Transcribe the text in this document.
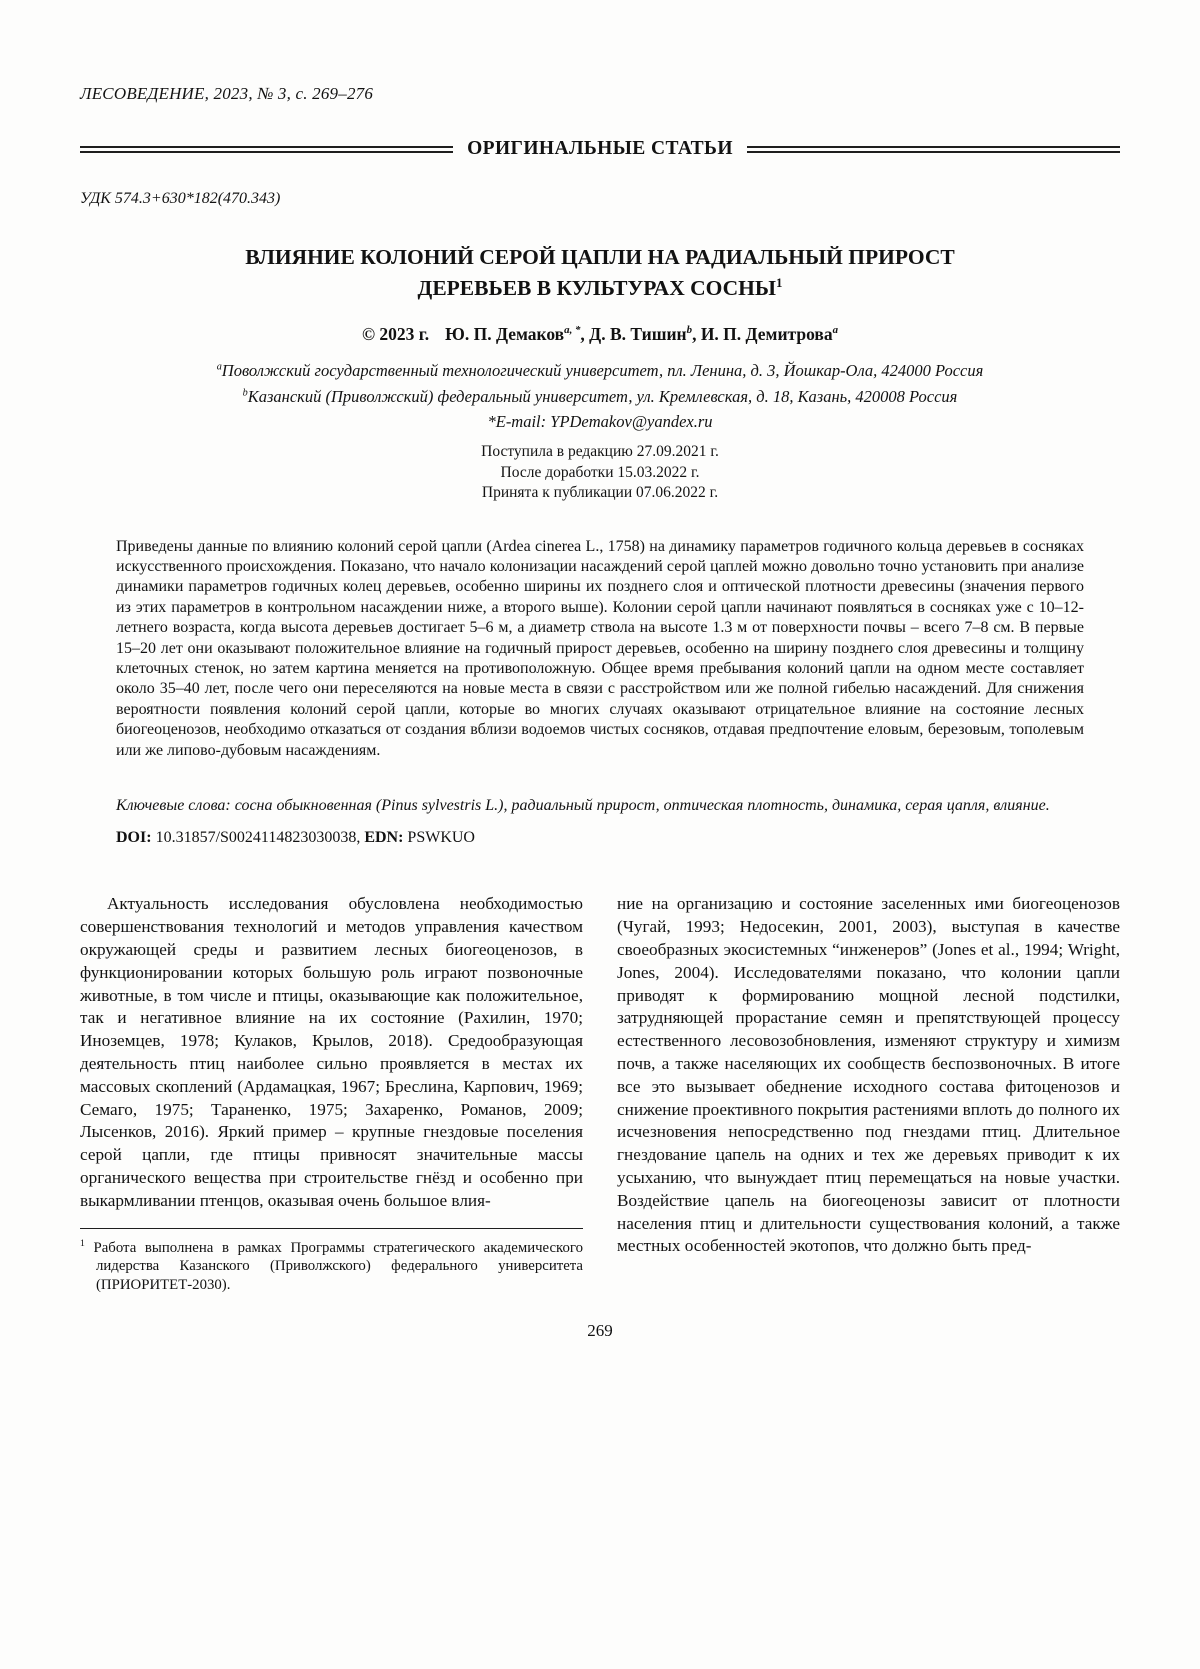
ЛЕСОВЕДЕНИЕ, 2023, № 3, с. 269–276
ОРИГИНАЛЬНЫЕ СТАТЬИ
УДК 574.3+630*182(470.343)
ВЛИЯНИЕ КОЛОНИЙ СЕРОЙ ЦАПЛИ НА РАДИАЛЬНЫЙ ПРИРОСТ
ДЕРЕВЬЕВ В КУЛЬТУРАХ СОСНЫ$^1$
© 2023 г. Ю. П. Демаков$^{a, *}$, Д. В. Тишин$^b$, И. П. Демитрова$^a$
$^a$Поволжский государственный технологический университет, пл. Ленина, д. 3, Йошкар-Ола, 424000 Россия
$^b$Казанский (Приволжский) федеральный университет, ул. Кремлевская, д. 18, Казань, 420008 Россия
*E-mail: YPDemakov@yandex.ru
Поступила в редакцию 27.09.2021 г.
После доработки 15.03.2022 г.
Принята к публикации 07.06.2022 г.
Приведены данные по влиянию колоний серой цапли (Ardea cinerea L., 1758) на динамику параметров годичного кольца деревьев в сосняках искусственного происхождения. Показано, что начало колонизации насаждений серой цаплей можно довольно точно установить при анализе динамики параметров годичных колец деревьев, особенно ширины их позднего слоя и оптической плотности древесины (значения первого из этих параметров в контрольном насаждении ниже, а второго выше). Колонии серой цапли начинают появляться в сосняках уже с 10–12-летнего возраста, когда высота деревьев достигает 5–6 м, а диаметр ствола на высоте 1.3 м от поверхности почвы – всего 7–8 см. В первые 15–20 лет они оказывают положительное влияние на годичный прирост деревьев, особенно на ширину позднего слоя древесины и толщину клеточных стенок, но затем картина меняется на противоположную. Общее время пребывания колоний цапли на одном месте составляет около 35–40 лет, после чего они переселяются на новые места в связи с расстройством или же полной гибелью насаждений. Для снижения вероятности появления колоний серой цапли, которые во многих случаях оказывают отрицательное влияние на состояние лесных биогеоценозов, необходимо отказаться от создания вблизи водоемов чистых сосняков, отдавая предпочтение еловым, березовым, тополевым или же липово-дубовым насаждениям.
Ключевые слова: сосна обыкновенная (Pinus sylvestris L.), радиальный прирост, оптическая плотность, динамика, серая цапля, влияние.
DOI: 10.31857/S0024114823030038, EDN: PSWKUO

Актуальность исследования обусловлена необходимостью совершенствования технологий и методов управления качеством окружающей среды и развитием лесных биогеоценозов, в функционировании которых большую роль играют позвоночные животные, в том числе и птицы, оказывающие как положительное, так и негативное влияние на их состояние (Рахилин, 1970; Иноземцев, 1978; Кулаков, Крылов, 2018). Средообразующая деятельность птиц наиболее сильно проявляется в местах их массовых скоплений (Ардамацкая, 1967; Бреслина, Карпович, 1969; Семаго, 1975; Тараненко, 1975; Захаренко, Романов, 2009; Лысенков, 2016). Яркий пример – крупные гнездовые поселения серой цапли, где птицы привносят значительные массы органического вещества при строительстве гнёзд и особенно при выкармливании птенцов, оказывая очень большое влия-

$^1$ Работа выполнена в рамках Программы стратегического академического лидерства Казанского (Приволжского) федерального университета (ПРИОРИТЕТ-2030).

ние на организацию и состояние заселенных ими биогеоценозов (Чугай, 1993; Недосекин, 2001, 2003), выступая в качестве своеобразных экосистемных “инженеров” (Jones et al., 1994; Wright, Jones, 2004). Исследователями показано, что колонии цапли приводят к формированию мощной лесной подстилки, затрудняющей прорастание семян и препятствующей процессу естественного лесовозобновления, изменяют структуру и химизм почв, а также населяющих их сообществ беспозвоночных. В итоге все это вызывает обеднение исходного состава фитоценозов и снижение проективного покрытия растениями вплоть до полного их исчезновения непосредственно под гнездами птиц. Длительное гнездование цапель на одних и тех же деревьях приводит к их усыханию, что вынуждает птиц перемещаться на новые участки. Воздействие цапель на биогеоценозы зависит от плотности населения птиц и длительности существования колоний, а также местных особенностей экотопов, что должно быть пред-

269
